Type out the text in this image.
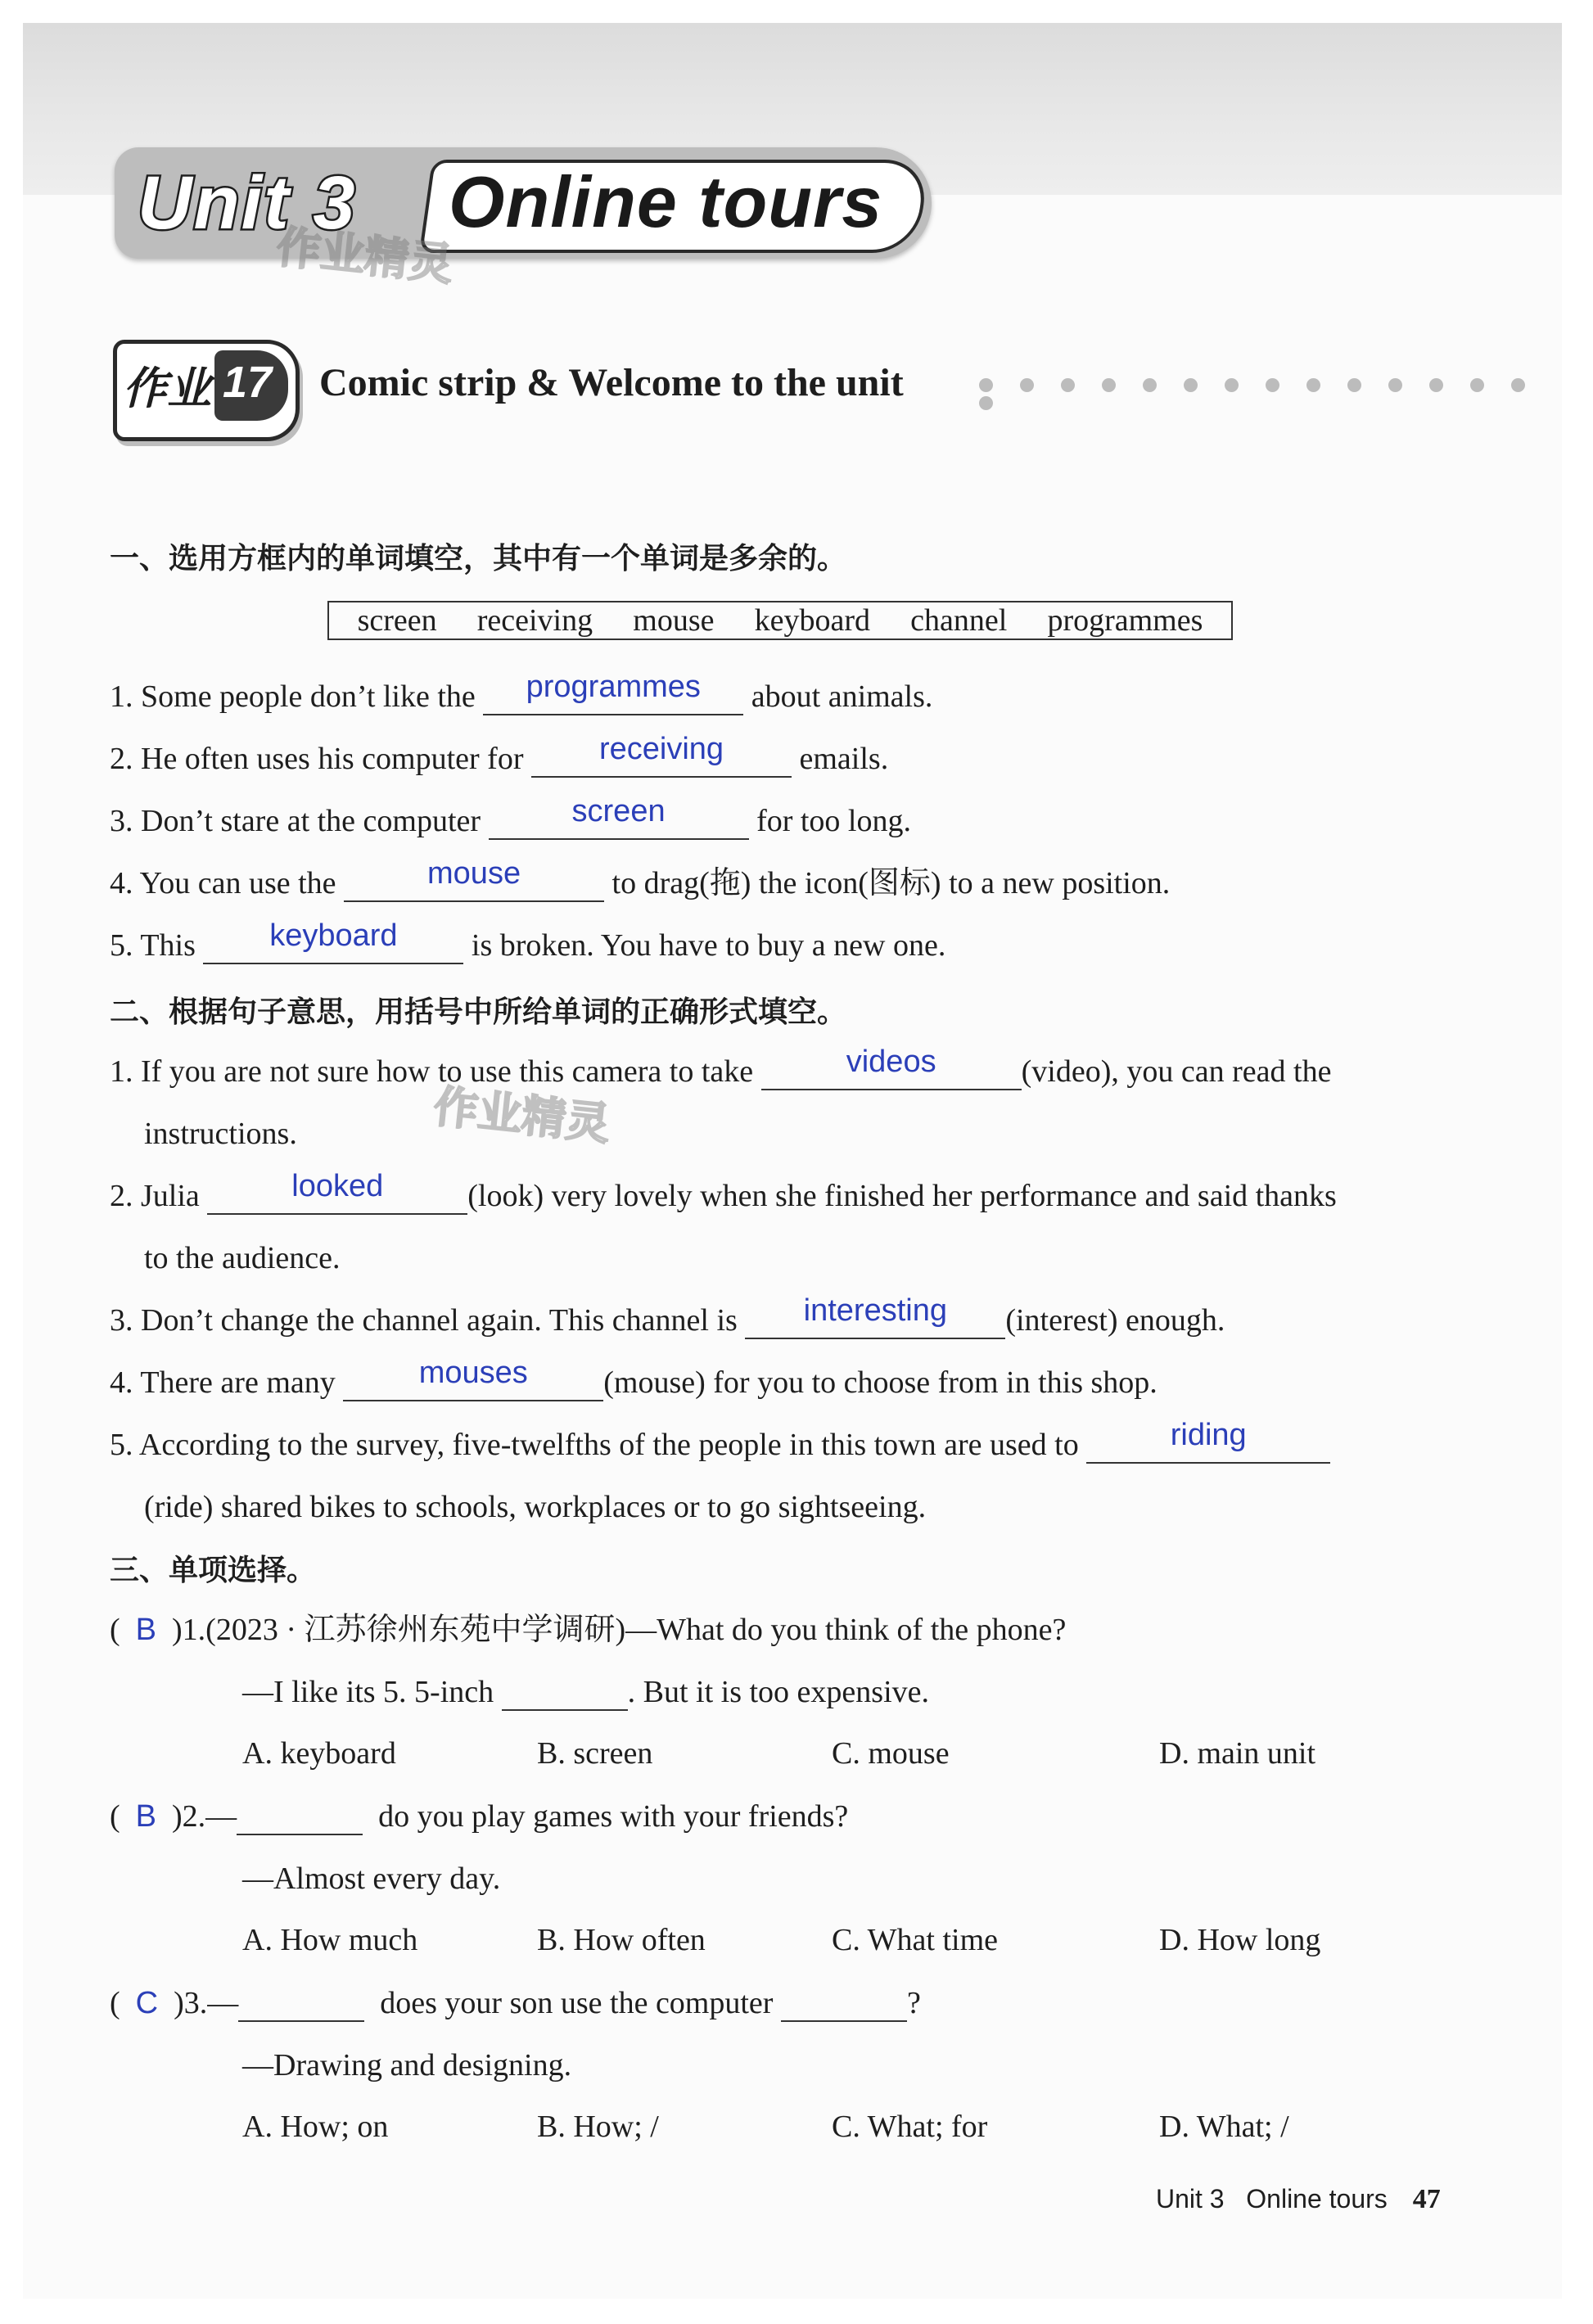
Unit 3 Online tours
作业精灵
作业 17 Comic strip & Welcome to the unit
一、选用方框内的单词填空，其中有一个单词是多余的。
screen receiving mouse keyboard channel programmes
1. Some people don’t like the	programmes	about animals.
2. He often uses his computer for	receiving	emails.
3. Don’t stare at the computer	screen	for too long.
4. You can use the	mouse	to drag(拖) the icon(图标) to a new position.
5. This	keyboard	is broken. You have to buy a new one.
二、根据句子意思，用括号中所给单词的正确形式填空。
1. If you are not sure how to use this camera to take	videos	(video), you can read the
instructions.	作业精灵
2. Julia	looked	(look) very lovely when she finished her performance and said thanks
to the audience.
3. Don’t change the channel again. This channel is	interesting	(interest) enough.
4. There are many	mouses	(mouse) for you to choose from in this shop.
5. According to the survey, five-twelfths of the people in this town are used to	riding
(ride) shared bikes to schools, workplaces or to go sightseeing.
三、单项选择。
(  B )1.(2023 · 江苏徐州东苑中学调研)—What do you think of the phone?
—I like its 5. 5-inch	. But it is too expensive.
A. keyboard	B. screen	C. mouse	D. main unit
(  B )2.—	do you play games with your friends?
—Almost every day.
A. How much	B. How often	C. What time	D. How long
(  C )3.—	does your son use the computer	?
—Drawing and designing.
A. How; on	B. How; /	C. What; for	D. What; /
Unit 3 Online tours 47
